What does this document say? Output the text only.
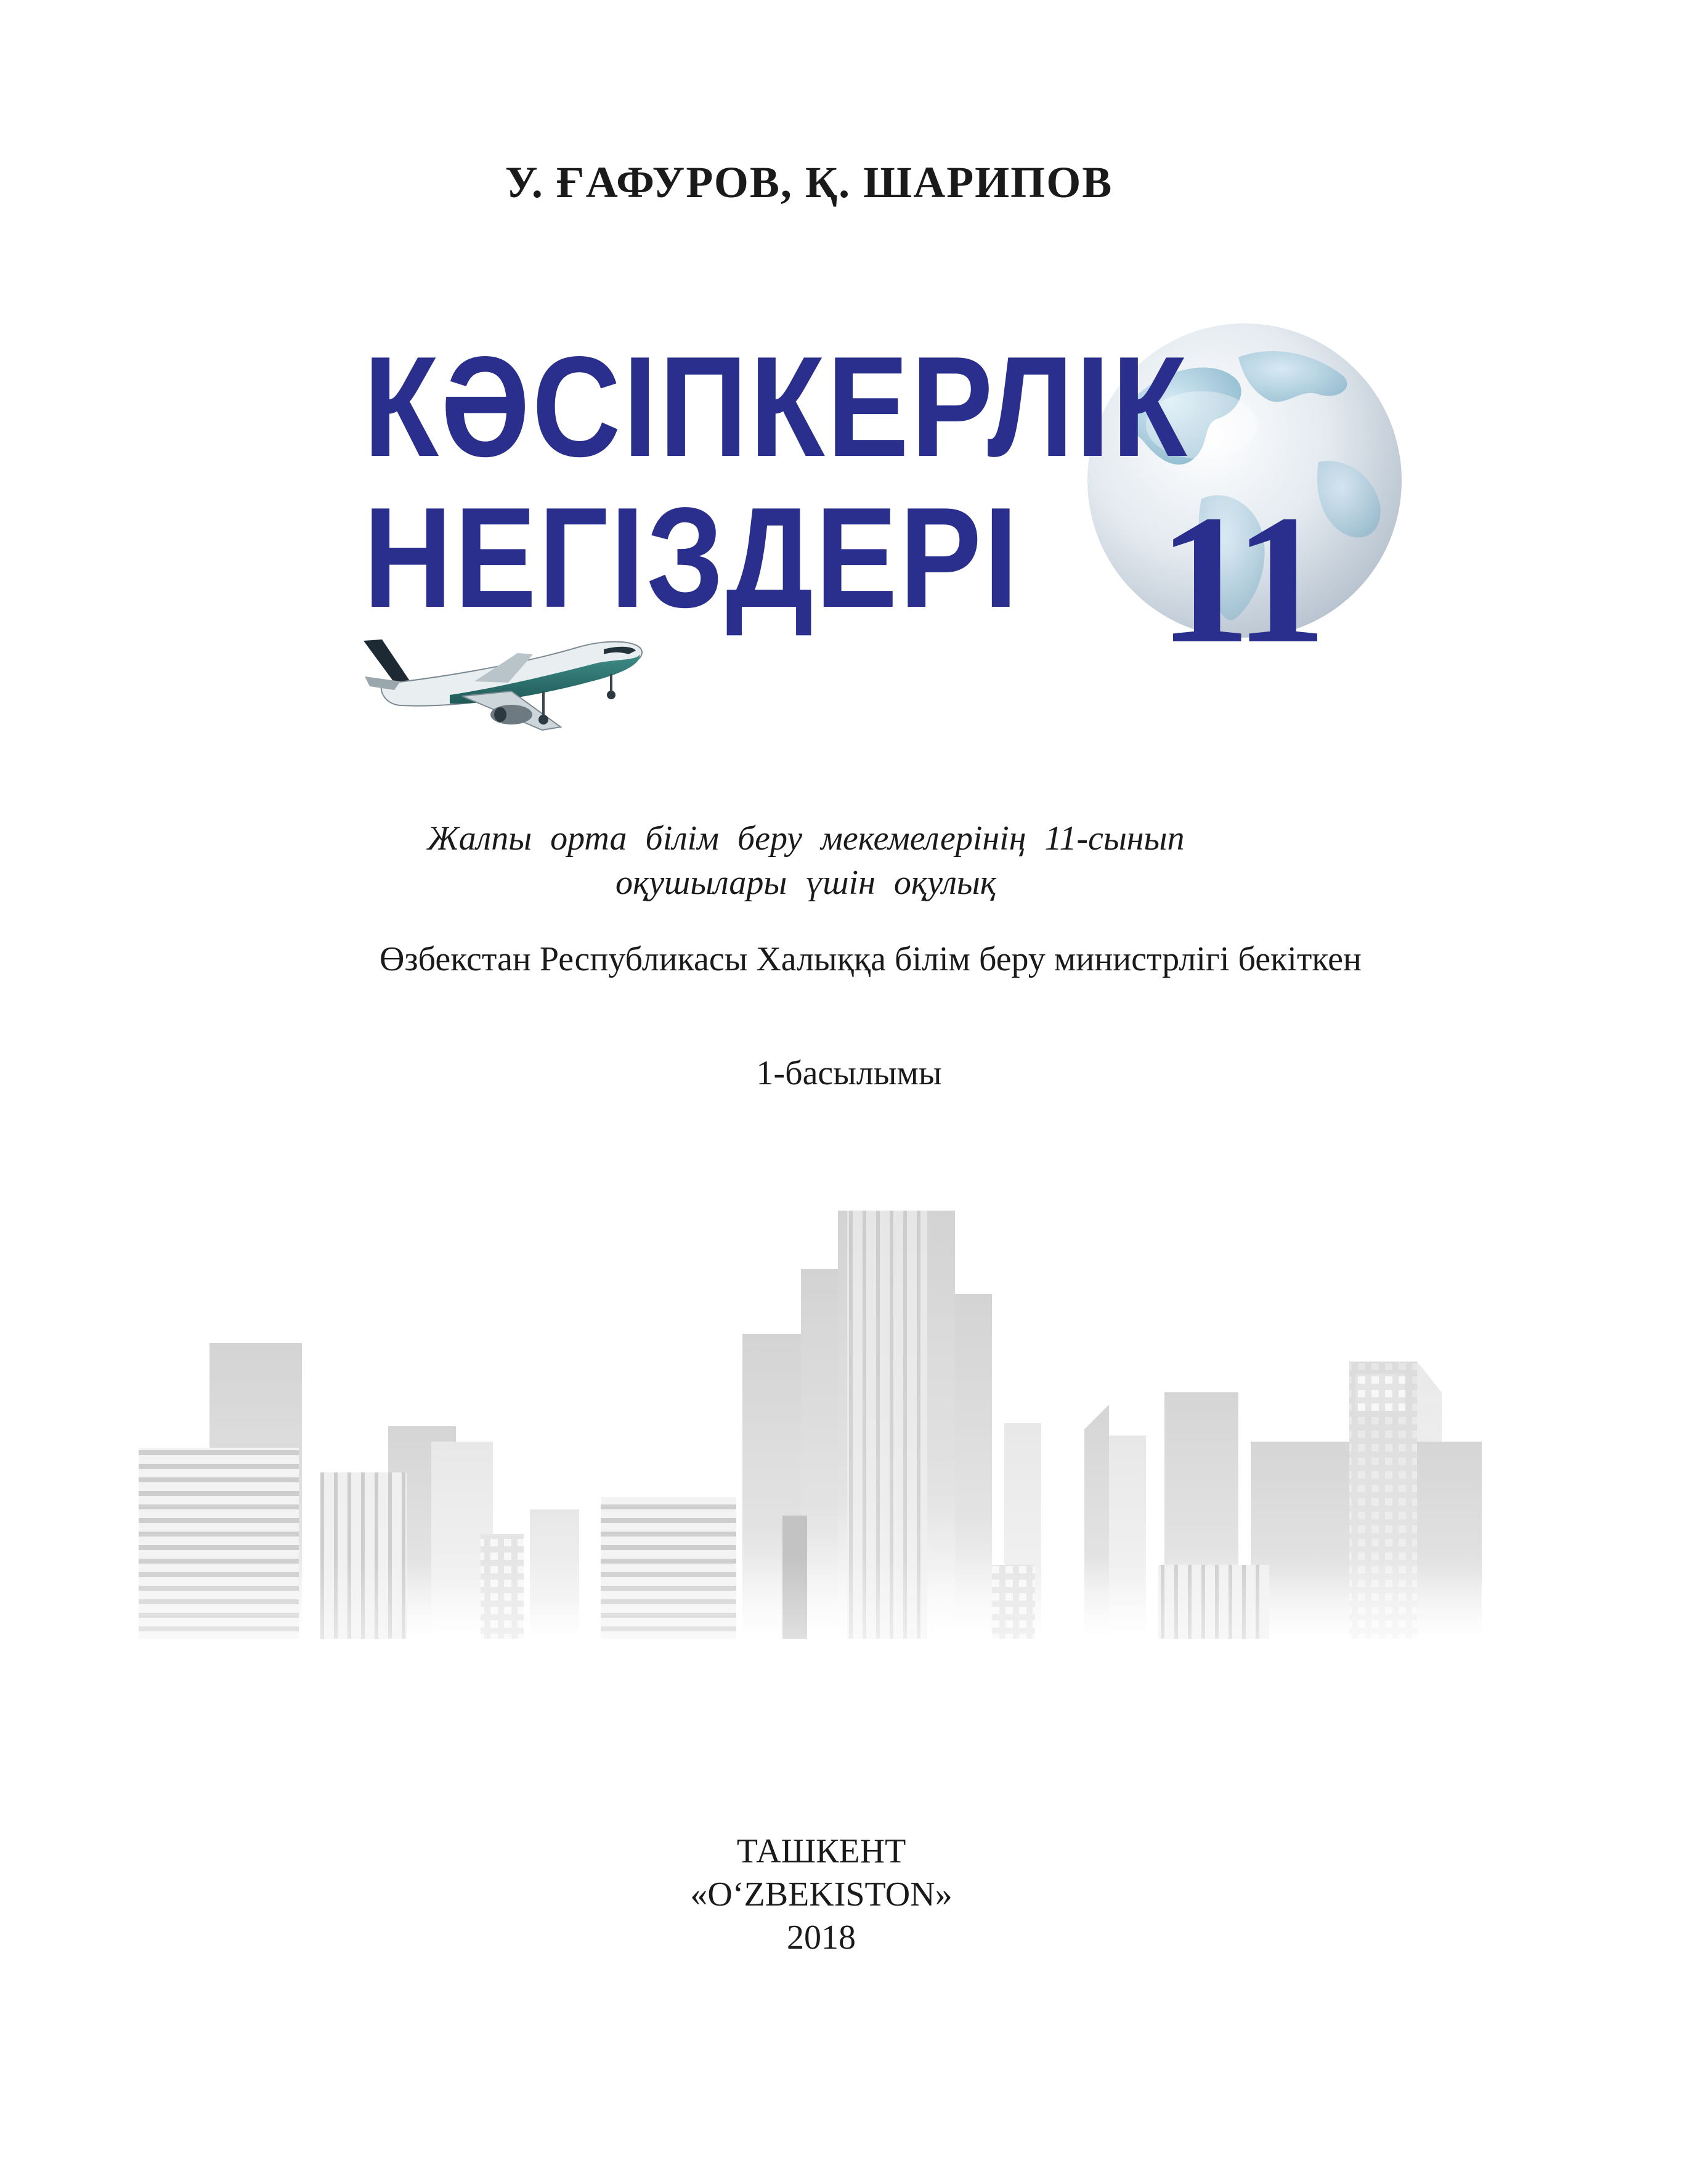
У. ҒАФУРОВ, Қ. ШАРИПОВ
КӘСІПКЕРЛІК
НЕГІЗДЕРІ 11
Жалпы орта білім беру мекемелерінің 11-сынып
оқушылары үшін оқулық
Өзбекстан Республикасы Халыққа білім беру министрлігі бекіткен
1-басылымы
ТАШКЕНТ
«O‘ZBEKISTON»
2018
